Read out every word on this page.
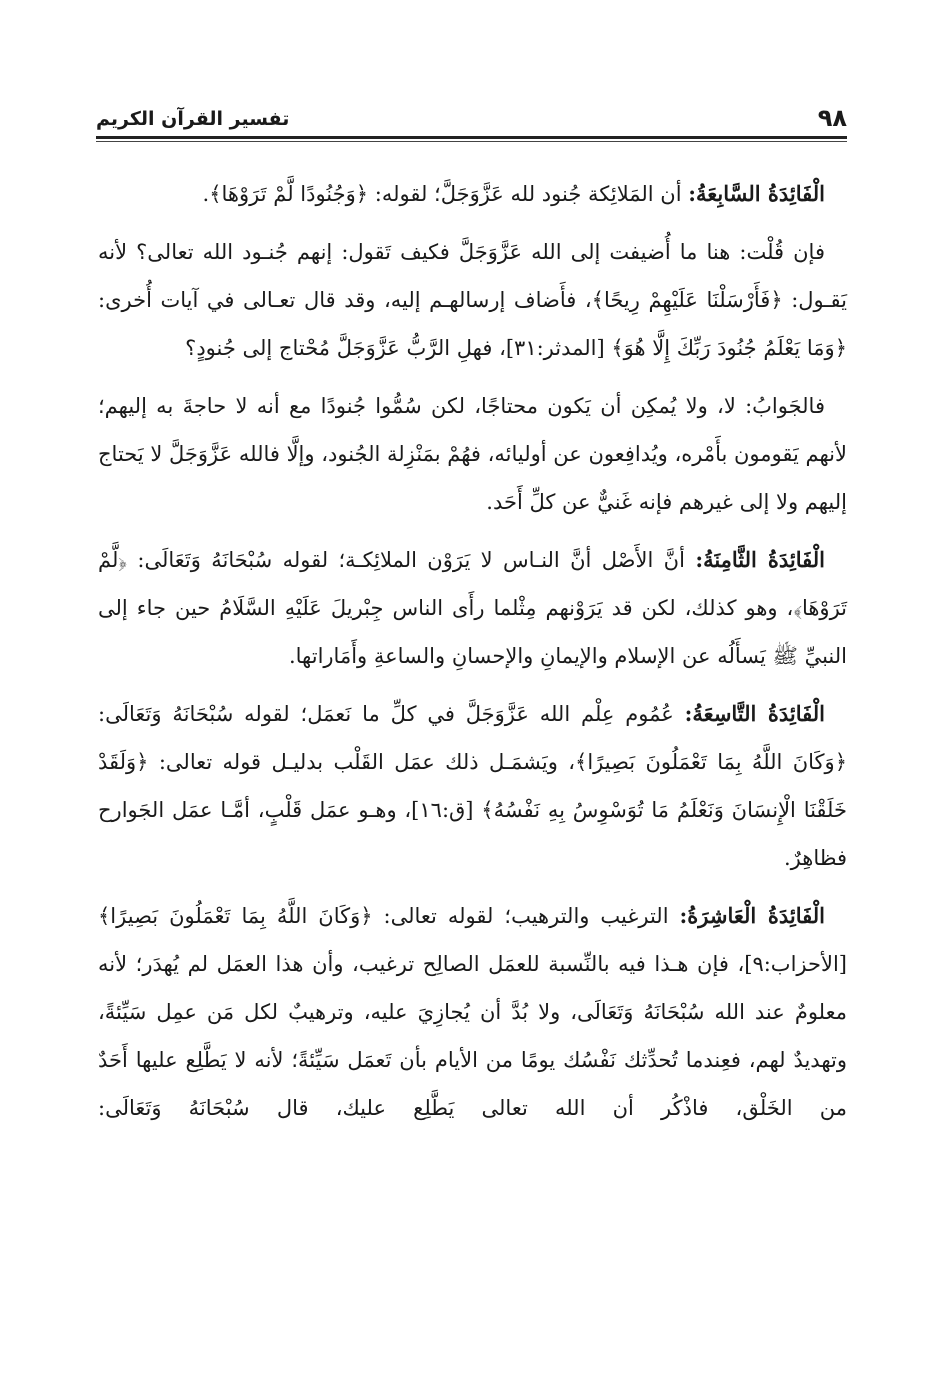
٩٨
تفسير القرآن الكريم

الْفَائِدَةُ السَّابِعَةُ: أن المَلائِكة جُنود لله عَزَّوَجَلَّ؛ لقوله: ﴿وَجُنُودًا لَّمْ تَرَوْهَا﴾.

فإن قُلْت: هنا ما أُضيفت إلى الله عَزَّوَجَلَّ فكيف تَقول: إنهم جُنـود الله تعالى؟ لأنه يَقـول: ﴿فَأَرْسَلْنَا عَلَيْهِمْ رِيحًا﴾، فأَضاف إرسالهـم إليه، وقد قال تعـالى في آيات أُخرى: ﴿وَمَا يَعْلَمُ جُنُودَ رَبِّكَ إِلَّا هُوَ﴾ [المدثر:٣١]، فهلِ الرَّبُّ عَزَّوَجَلَّ مُحْتاج إلى جُنودٍ؟

فالجَوابُ: لا، ولا يُمكِن أن يَكون محتاجًا، لكن سُمُّوا جُنودًا مع أنه لا حاجةَ به إليهم؛ لأنهم يَقومون بأَمْره، ويُدافِعون عن أوليائه، فهُمْ بمَنْزِلة الجُنود، وإلَّا فالله عَزَّوَجَلَّ لا يَحتاج إليهم ولا إلى غيرهم فإنه غَنيٌّ عن كلِّ أَحَد.

الْفَائِدَةُ الثَّامِنَةُ: أنَّ الأَصْل أنَّ النـاس لا يَرَوْن الملائِكـة؛ لقوله سُبْحَانَهُ وَتَعَالَى: ﴿لَّمْ تَرَوْهَا﴾، وهو كذلك، لكن قد يَرَوْنهم مِثْلما رأَى الناس جِبْريلَ عَلَيْهِ السَّلَامُ حين جاء إلى النبيِّ ﷺ يَسأَلُه عن الإسلام والإيمانِ والإحسانِ والساعةِ وأَمَاراتها.

الْفَائِدَةُ التَّاسِعَةُ: عُمُوم عِلْم الله عَزَّوَجَلَّ في كلِّ ما نَعمَل؛ لقوله سُبْحَانَهُ وَتَعَالَى: ﴿وَكَانَ اللَّهُ بِمَا تَعْمَلُونَ بَصِيرًا﴾، ويَشمَـل ذلك عمَل القَلْب بدليـل قوله تعالى: ﴿وَلَقَدْ خَلَقْنَا الْإِنسَانَ وَنَعْلَمُ مَا تُوَسْوِسُ بِهِ نَفْسُهُ﴾ [ق:١٦]، وهـو عمَل قَلْبٍ، أمَّـا عمَل الجَوارح فظاهِرٌ.

الْفَائِدَةُ الْعَاشِرَةُ: الترغيب والترهيب؛ لقوله تعالى: ﴿وَكَانَ اللَّهُ بِمَا تَعْمَلُونَ بَصِيرًا﴾ [الأحزاب:٩]، فإن هـذا فيه بالنِّسبة للعمَل الصالِح ترغيب، وأن هذا العمَل لم يُهدَر؛ لأنه معلومٌ عند الله سُبْحَانَهُ وَتَعَالَى، ولا بُدَّ أن يُجازِيَ عليه، وترهيبٌ لكل مَن عمِل سَيِّئةً، وتهديدٌ لهم، فعِندما تُحدِّثك نَفْسُك يومًا من الأيام بأن تَعمَل سَيِّئةً؛ لأنه لا يَطَّلِع عليها أَحَدٌ من الخَلْق، فاذْكُر أن الله تعالى يَطَّلِع عليك، قال سُبْحَانَهُ وَتَعَالَى:
